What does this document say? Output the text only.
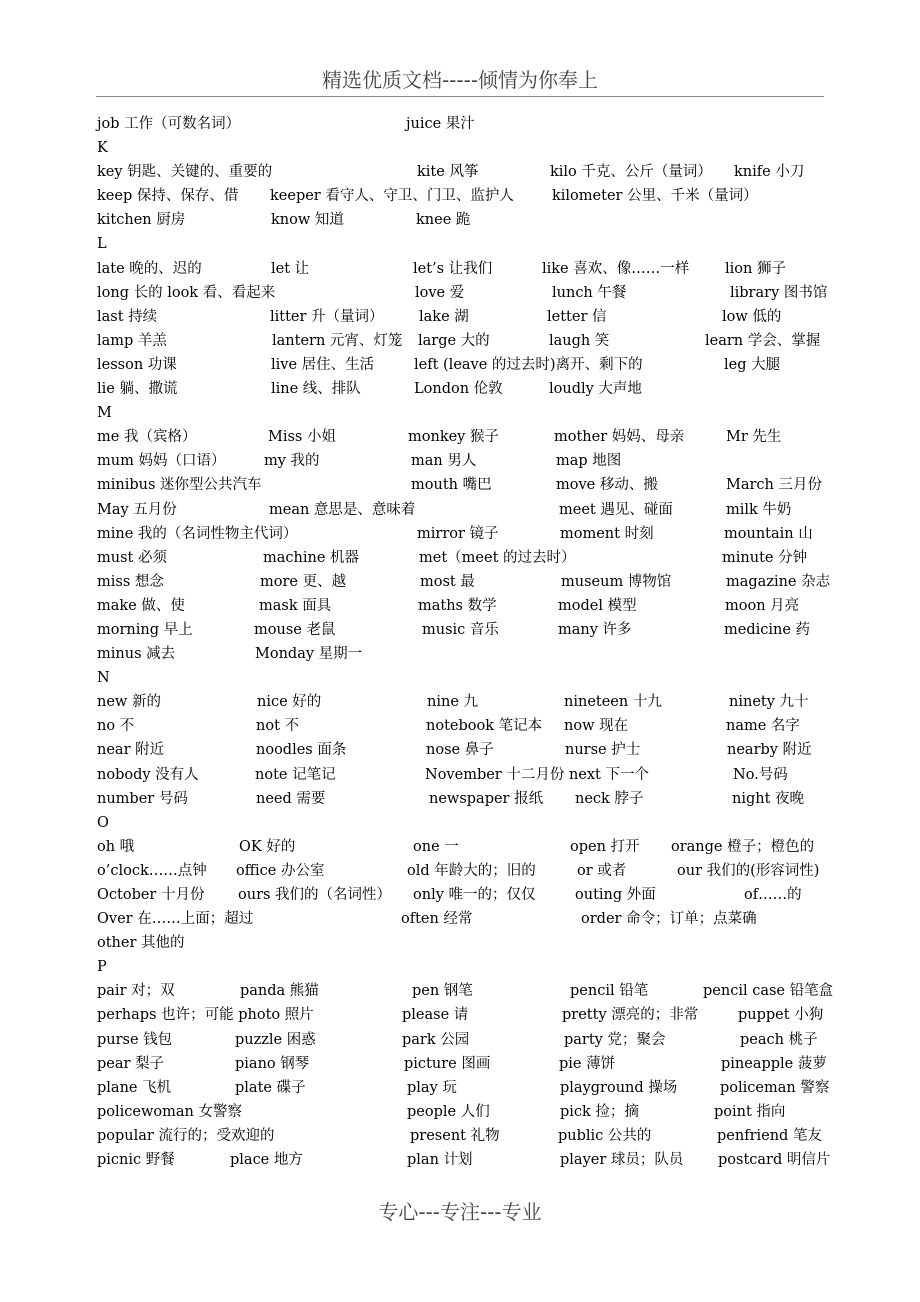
精选优质文档-----倾情为你奉上
job 工作（可数名词）	juice 果汁
K
key 钥匙、关键的、重要的	kite 风筝	kilo 千克、公斤（量词） knife 小刀
keep 保持、保存、借 keeper 看守人、守卫、门卫、监护人	kilometer 公里、千米（量词）
kitchen 厨房	know 知道	knee 跪
L
late 晚的、迟的	let 让	let’s 让我们	like 喜欢、像……一样 lion 狮子
long 长的 look 看、看起来	love 爱	lunch 午餐	library 图书馆
last 持续	litter 升（量词） lake 湖	letter 信	low 低的
lamp 羊羔	lantern 元宵、灯笼 large 大的	laugh 笑	learn 学会、掌握
lesson 功课	live 居住、生活	left (leave 的过去时)离开、剩下的	leg 大腿
lie 躺、撒谎	line 线、排队	London 伦敦	loudly 大声地
M
me 我（宾格）	Miss 小姐	monkey 猴子	mother 妈妈、母亲	Mr 先生
mum 妈妈（口语）	my 我的	man 男人	map 地图
minibus 迷你型公共汽车	mouth 嘴巴	move 移动、搬	March 三月份
May 五月份	mean 意思是、意味着	meet 遇见、碰面	milk 牛奶
mine 我的（名词性物主代词）	mirror 镜子	moment 时刻	mountain 山
must 必须	machine 机器	met（meet 的过去时）	minute 分钟
miss 想念	more 更、越	most 最	museum 博物馆	magazine 杂志
make 做、使	mask 面具	maths 数学	model 模型	moon 月亮
morning 早上	mouse 老鼠	music 音乐	many 许多	medicine 药
minus 减去	Monday 星期一
N
new 新的	nice 好的	nine 九	nineteen 十九	ninety 九十
no 不	not 不	notebook 笔记本 now 现在	name 名字
near 附近	noodles 面条	nose 鼻子	nurse 护士	nearby 附近
nobody 没有人	note 记笔记	November 十二月份 next 下一个	No.号码
number 号码	need 需要	newspaper 报纸 neck 脖子	night 夜晚
O
oh 哦	OK 好的	one 一	open 打开 orange 橙子；橙色的
o’clock……点钟 office 办公室	old 年龄大的；旧的	or 或者	our 我们的(形容词性)
October 十月份 ours 我们的（名词性） only 唯一的；仅仅	outing 外面	of……的
Over 在……上面；超过	often 经常	order 命令；订单；点菜确
other 其他的
P
pair 对；双	panda 熊猫	pen 钢笔	pencil 铅笔	pencil case 铅笔盒
perhaps 也许；可能 photo 照片	please 请	pretty 漂亮的；非常	puppet 小狗
purse 钱包	puzzle 困惑	park 公园	party 党；聚会	peach 桃子
pear 梨子	piano 钢琴	picture 图画	pie 薄饼	pineapple 菠萝
plane 飞机	plate 碟子	play 玩	playground 操场	policeman 警察
policewoman 女警察	people 人们	pick 捡；摘	point 指向
popular 流行的；受欢迎的	present 礼物	public 公共的	penfriend 笔友
picnic 野餐	place 地方	plan 计划	player 球员；队员 postcard 明信片
专心---专注---专业
